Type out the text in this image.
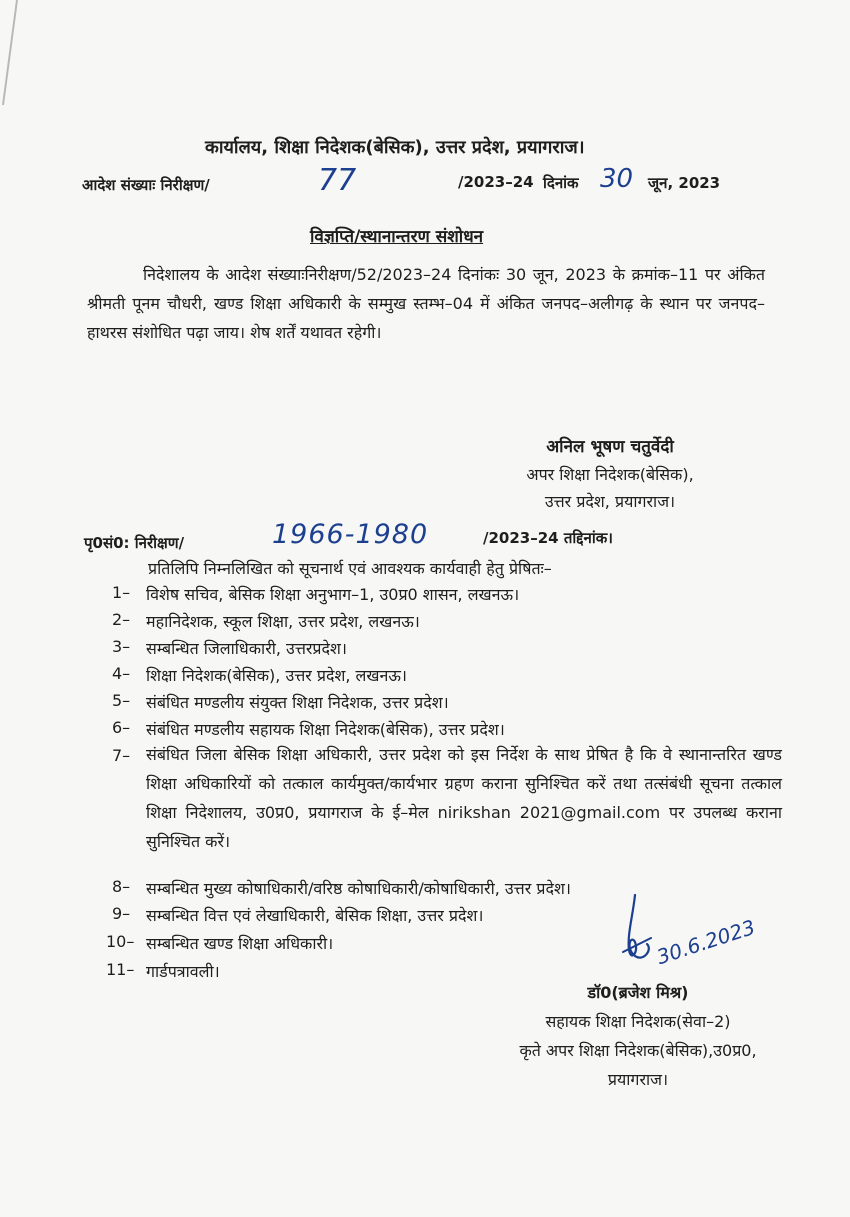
कार्यालय, शिक्षा निदेशक(बेसिक), उत्तर प्रदेश, प्रयागराज।
आदेश संख्याः निरीक्षण/	77	/2023–24 दिनांक 30 जून, 2023
विज्ञप्ति/स्थानान्तरण संशोधन
निदेशालय के आदेश संख्याःनिरीक्षण/52/2023–24 दिनांकः 30 जून, 2023 के क्रमांक–11 पर अंकित श्रीमती पूनम चौधरी, खण्ड शिक्षा अधिकारी के सम्मुख स्तम्भ–04 में अंकित जनपद–अलीगढ़ के स्थान पर जनपद–हाथरस संशोधित पढ़ा जाय। शेष शर्तें यथावत रहेगी।
अनिल भूषण चतुर्वेदी
अपर शिक्षा निदेशक(बेसिक),
उत्तर प्रदेश, प्रयागराज।
पृ0सं0: निरीक्षण/	1966-1980	/2023–24 तद्दिनांक।
प्रतिलिपि निम्नलिखित को सूचनार्थ एवं आवश्यक कार्यवाही हेतु प्रेषितः–
1– विशेष सचिव, बेसिक शिक्षा अनुभाग–1, उ0प्र0 शासन, लखनऊ।
2– महानिदेशक, स्कूल शिक्षा, उत्तर प्रदेश, लखनऊ।
3– सम्बन्धित जिलाधिकारी, उत्तरप्रदेश।
4– शिक्षा निदेशक(बेसिक), उत्तर प्रदेश, लखनऊ।
5– संबंधित मण्डलीय संयुक्त शिक्षा निदेशक, उत्तर प्रदेश।
6– संबंधित मण्डलीय सहायक शिक्षा निदेशक(बेसिक), उत्तर प्रदेश।
7– संबंधित जिला बेसिक शिक्षा अधिकारी, उत्तर प्रदेश को इस निर्देश के साथ प्रेषित है कि वे स्थानान्तरित खण्ड शिक्षा अधिकारियों को तत्काल कार्यमुक्त/कार्यभार ग्रहण कराना सुनिश्चित करें तथा तत्संबंधी सूचना तत्काल शिक्षा निदेशालय, उ0प्र0, प्रयागराज के ई–मेल nirikshan 2021@gmail.com पर उपलब्ध कराना सुनिश्चित करें।
8– सम्बन्धित मुख्य कोषाधिकारी/वरिष्ठ कोषाधिकारी/कोषाधिकारी, उत्तर प्रदेश।
9– सम्बन्धित वित्त एवं लेखाधिकारी, बेसिक शिक्षा, उत्तर प्रदेश।
10– सम्बन्धित खण्ड शिक्षा अधिकारी।
11– गार्डपत्रावली।
30.6.2023
डॉ0(ब्रजेश मिश्र)
सहायक शिक्षा निदेशक(सेवा–2)
कृते अपर शिक्षा निदेशक(बेसिक),उ0प्र0,
प्रयागराज।
